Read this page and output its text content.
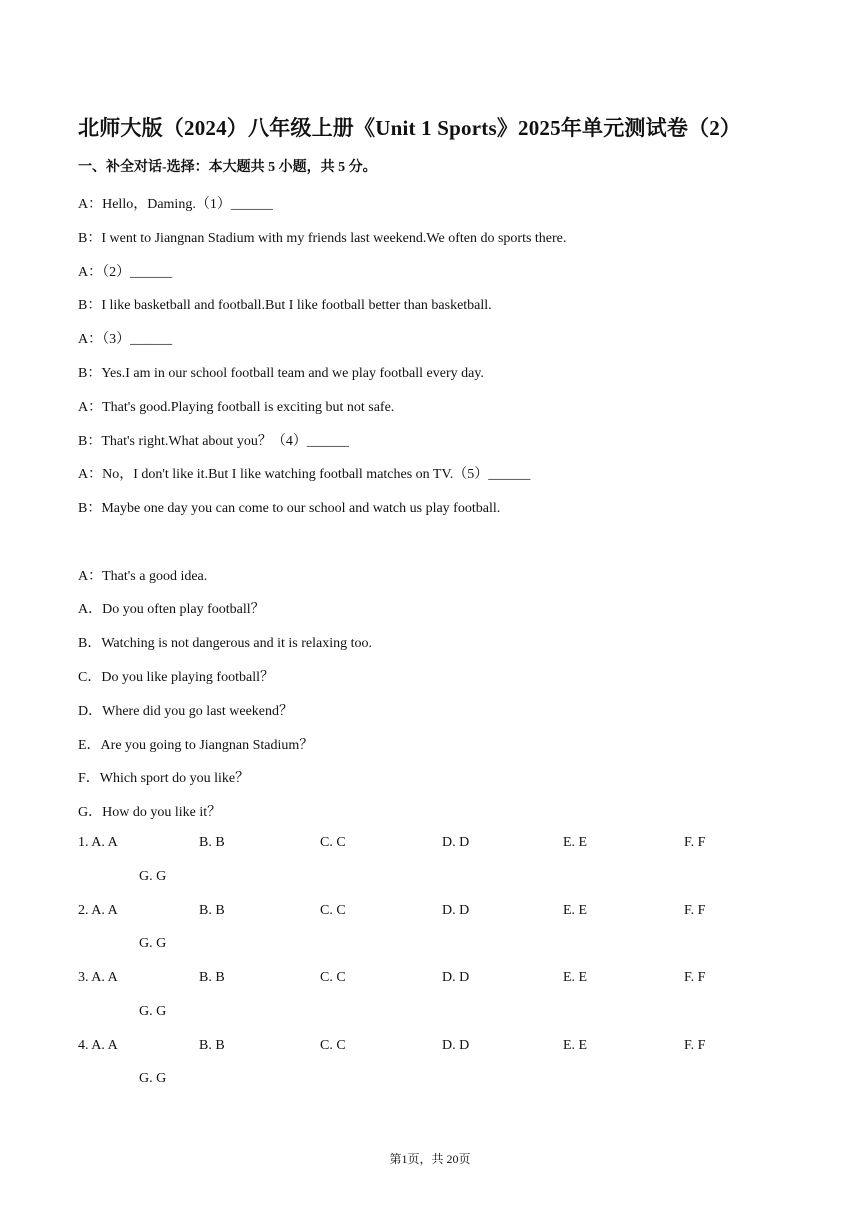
北师大版（2024）八年级上册《Unit 1 Sports》2025年单元测试卷（2）
一、补全对话-选择：本大题共 5 小题，共 5 分。
A：Hello，Daming.（1）______
B：I went to Jiangnan Stadium with my friends last weekend.We often do sports there.
A：（2）______
B：I like basketball and football.But I like football better than basketball.
A：（3）______
B：Yes.I am in our school football team and we play football every day.
A：That's good.Playing football is exciting but not safe.
B：That's right.What about you？（4）______
A：No，I don't like it.But I like watching football matches on TV.（5）______
B：Maybe one day you can come to our school and watch us play football.
A：That's a good idea.
A．Do you often play football？
B．Watching is not dangerous and it is relaxing too.
C．Do you like playing football？
D．Where did you go last weekend？
E．Are you going to Jiangnan Stadium？
F．Which sport do you like？
G．How do you like it？
1. A. A	B. B	C. C	D. D	E. E	F. F
G. G
2. A. A	B. B	C. C	D. D	E. E	F. F
G. G
3. A. A	B. B	C. C	D. D	E. E	F. F
G. G
4. A. A	B. B	C. C	D. D	E. E	F. F
G. G
第1页，共 20页
